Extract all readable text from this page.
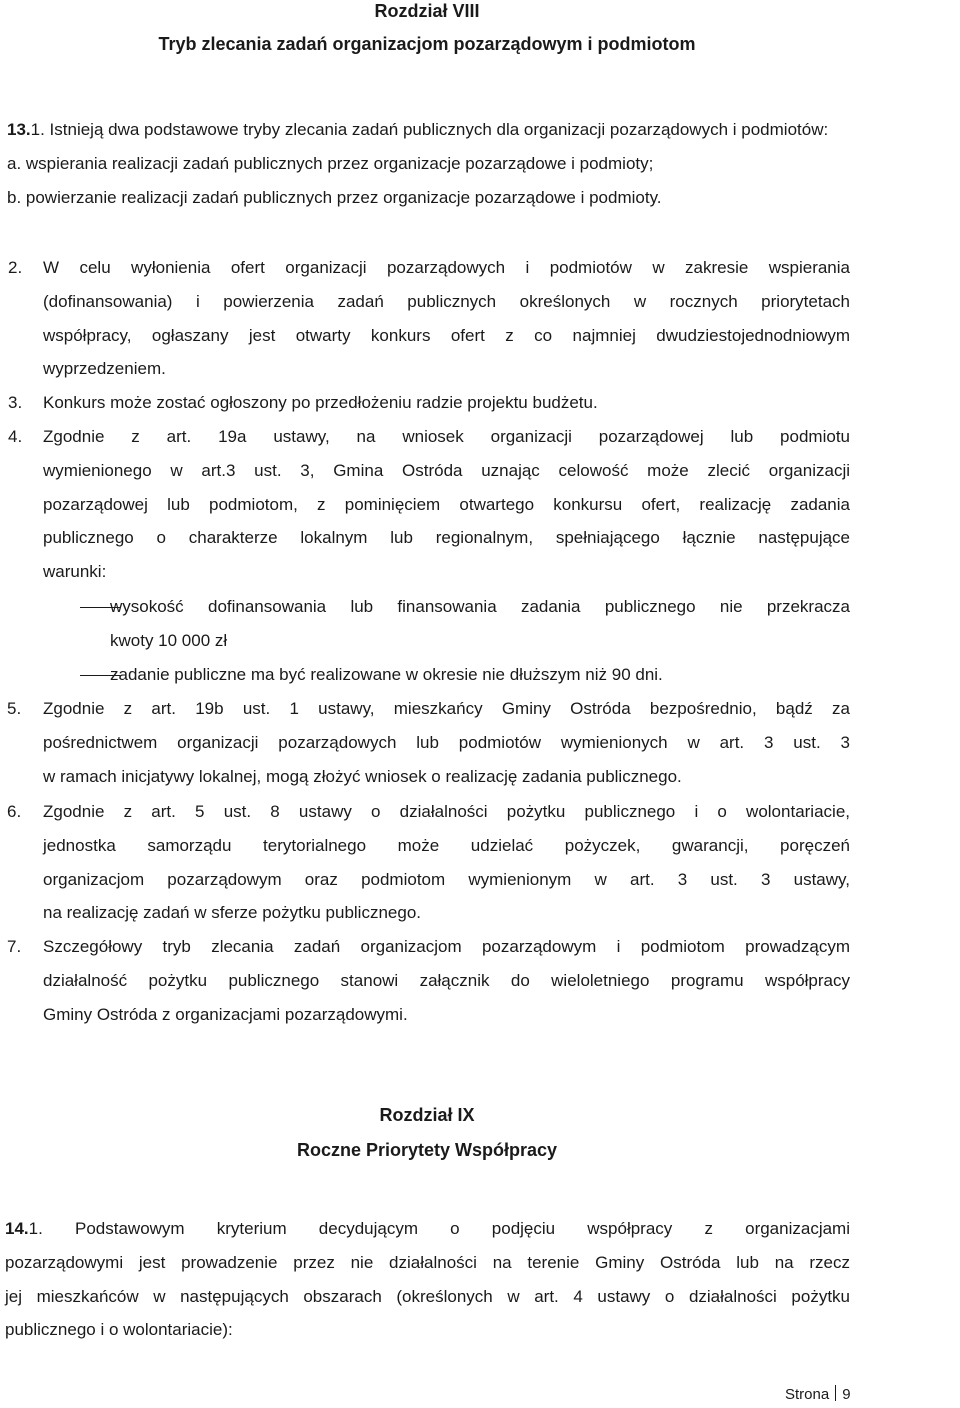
Rozdział VIII
Tryb zlecania zadań organizacjom pozarządowym i podmiotom
13.1. Istnieją dwa podstawowe tryby zlecania zadań publicznych dla organizacji pozarządowych i podmiotów:
a. wspierania realizacji zadań publicznych przez organizacje pozarządowe i podmioty;
b. powierzanie realizacji zadań publicznych przez organizacje pozarządowe i podmioty.
2. W celu wyłonienia ofert organizacji pozarządowych i podmiotów w zakresie wspierania
(dofinansowania) i powierzenia zadań publicznych określonych w rocznych priorytetach
współpracy, ogłaszany jest otwarty konkurs ofert z co najmniej dwudziestojednodniowym
wyprzedzeniem.
3. Konkurs może zostać ogłoszony po przedłożeniu radzie projektu budżetu.
4. Zgodnie z art. 19a ustawy, na wniosek organizacji pozarządowej lub podmiotu
wymienionego w art.3 ust. 3, Gmina Ostróda uznając celowość może zlecić organizacji
pozarządowej lub podmiotom, z pominięciem otwartego konkursu ofert, realizację zadania
publicznego o charakterze lokalnym lub regionalnym, spełniającego łącznie następujące
warunki:
wysokość dofinansowania lub finansowania zadania publicznego nie przekracza
kwoty 10 000 zł
zadanie publiczne ma być realizowane w okresie nie dłuższym niż 90 dni.
5. Zgodnie z art. 19b ust. 1 ustawy, mieszkańcy Gminy Ostróda bezpośrednio, bądź za
pośrednictwem organizacji pozarządowych lub podmiotów wymienionych w art. 3 ust. 3
w ramach inicjatywy lokalnej, mogą złożyć wniosek o realizację zadania publicznego.
6. Zgodnie z art. 5 ust. 8 ustawy o działalności pożytku publicznego i o wolontariacie,
jednostka samorządu terytorialnego może udzielać pożyczek, gwarancji, poręczeń
organizacjom pozarządowym oraz podmiotom wymienionym w art. 3 ust. 3 ustawy,
na realizację zadań w sferze pożytku publicznego.
7. Szczegółowy tryb zlecania zadań organizacjom pozarządowym i podmiotom prowadzącym
działalność pożytku publicznego stanowi załącznik do wieloletniego programu współpracy
Gminy Ostróda z organizacjami pozarządowymi.
Rozdział IX
Roczne Priorytety Współpracy
14.1. Podstawowym kryterium decydującym o podjęciu współpracy z organizacjami
pozarządowymi jest prowadzenie przez nie działalności na terenie Gminy Ostróda lub na rzecz
jej mieszkańców w następujących obszarach (określonych w art. 4 ustawy o działalności pożytku
publicznego i o wolontariacie):
Strona 9
